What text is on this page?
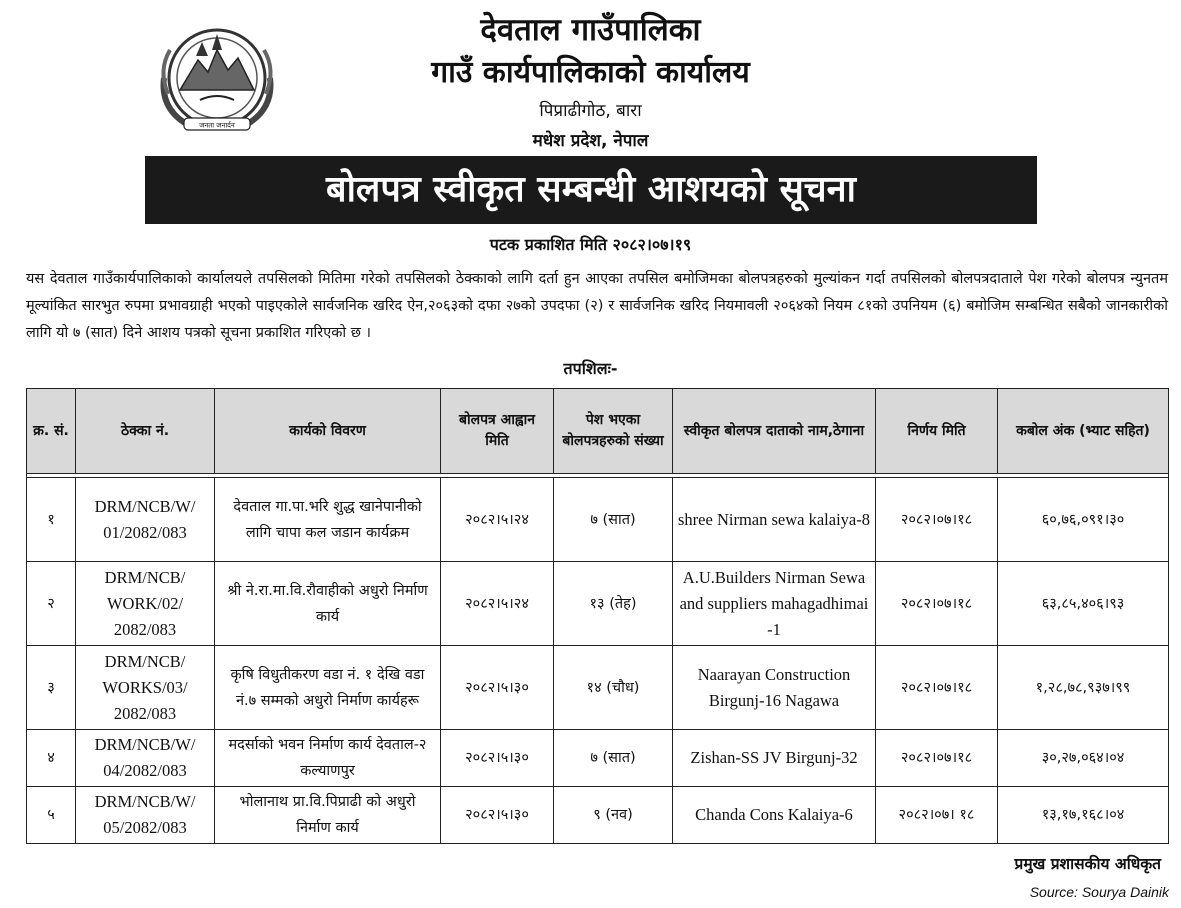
जनता जनार्दन
देवताल गाउँपालिका
गाउँ कार्यपालिकाको कार्यालय
पिप्राढीगोठ, बारा
मधेश प्रदेश, नेपाल
बोलपत्र स्वीकृत सम्बन्धी आशयको सूचना
पटक प्रकाशित मिति २०८२।०७।१९
यस देवताल गाउँकार्यपालिकाको कार्यालयले तपसिलको मितिमा गरेको तपसिलको ठेक्काको लागि दर्ता हुन आएका तपसिल बमोजिमका बोलपत्रहरुको मुल्यांकन गर्दा तपसिलको बोलपत्रदाताले पेश गरेको बोलपत्र न्युनतम मूल्यांकित सारभुत रुपमा प्रभावग्राही भएको पाइएकोले सार्वजनिक खरिद ऐन,२०६३को दफा २७को उपदफा (२) र सार्वजनिक खरिद नियमावली २०६४को नियम ८१को उपनियम (६) बमोजिम सम्बन्धित सबैको जानकारीको लागि यो ७ (सात) दिने आशय पत्रको सूचना प्रकाशित गरिएको छ ।
तपशिलः-
क्र. सं.	ठेक्का नं.	कार्यको विवरण	बोलपत्र आह्वान मिति	पेश भएका बोलपत्रहरुको संख्या	स्वीकृत बोलपत्र दाताको नाम,ठेगाना	निर्णय मिति	कबोल अंक (भ्याट सहित)

१	DRM/NCB/W/ 01/2082/083	देवताल गा.पा.भरि शुद्ध खानेपानीको लागि चापा कल जडान कार्यक्रम	२०८२।५।२४	७ (सात)	shree Nirman sewa kalaiya-8	२०८२।०७।१८	६०,७६,०९१।३०
२	DRM/NCB/ WORK/02/ 2082/083	श्री ने.रा.मा.वि.रौवाहीको अधुरो निर्माण कार्य	२०८२।५।२४	१३ (तेह)	A.U.Builders Nirman Sewa and suppliers mahagadhimai -1	२०८२।०७।१८	६३,८५,४०६।९३
३	DRM/NCB/ WORKS/03/ 2082/083	कृषि विधुतीकरण वडा नं. १ देखि वडा नं.७ सम्मको अधुरो निर्माण कार्यहरू	२०८२।५।३०	१४ (चौध)	Naarayan Construction Birgunj-16 Nagawa	२०८२।०७।१८	१,२८,७८,९३७।९९
४	DRM/NCB/W/ 04/2082/083	मदर्साको भवन निर्माण कार्य देवताल-२ कल्याणपुर	२०८२।५।३०	७ (सात)	Zishan-SS JV Birgunj-32	२०८२।०७।१८	३०,२७,०६४।०४
५	DRM/NCB/W/ 05/2082/083	भोलानाथ प्रा.वि.पिप्राढी को अधुरो निर्माण कार्य	२०८२।५।३०	९ (नव)	Chanda Cons Kalaiya-6	२०८२।०७। १८	१३,१७,१६८।०४
प्रमुख प्रशासकीय अधिकृत
Source: Sourya Dainik
